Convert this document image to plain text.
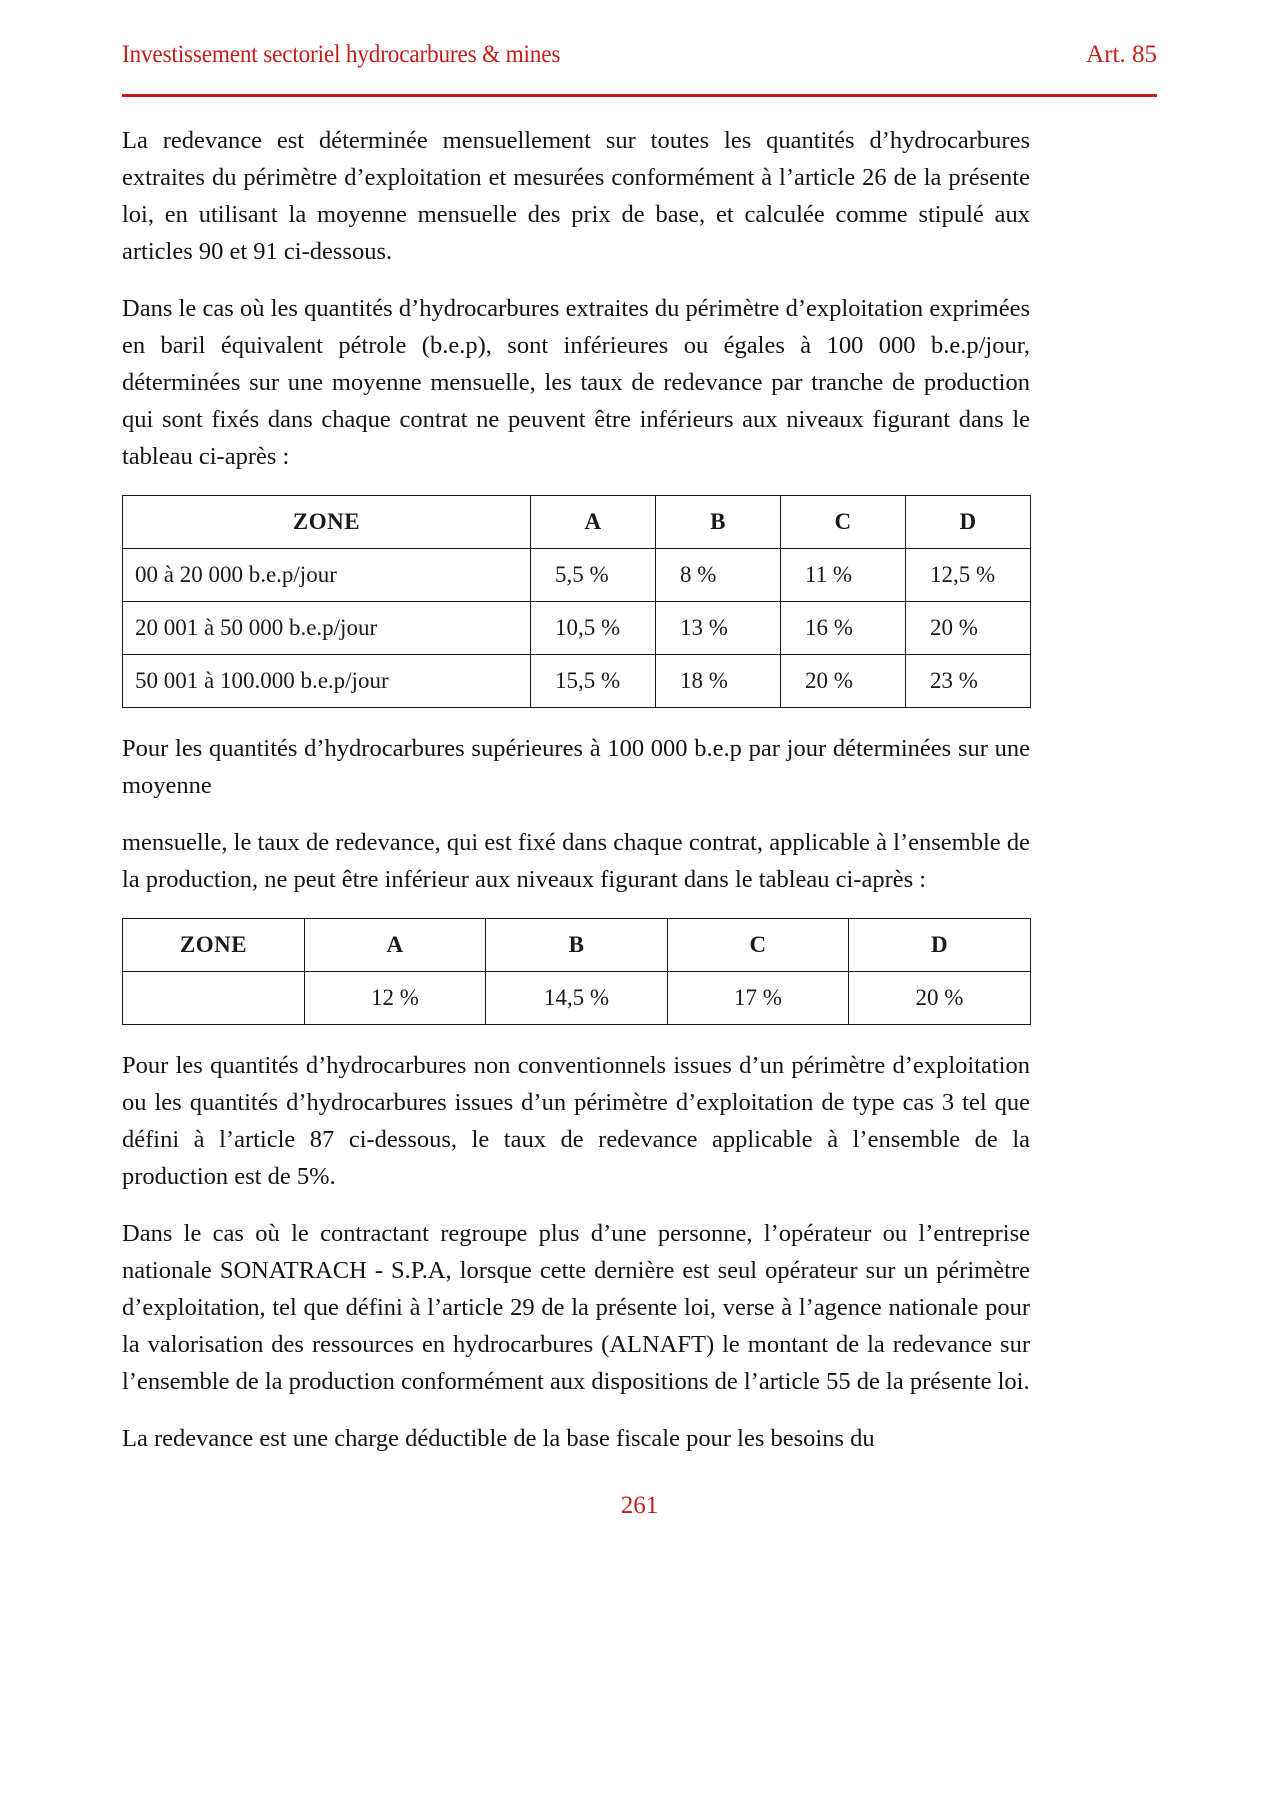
Investissement sectoriel hydrocarbures & mines	Art. 85

La redevance est déterminée mensuellement sur toutes les quantités d’hydrocarbures extraites du périmètre d’exploitation et mesurées conformément à l’article 26 de la présente loi, en utilisant la moyenne mensuelle des prix de base, et calculée comme stipulé aux articles 90 et 91 ci-dessous.

Dans le cas où les quantités d’hydrocarbures extraites du périmètre d’exploitation exprimées en baril équivalent pétrole (b.e.p), sont inférieures ou égales à 100 000 b.e.p/jour, déterminées sur une moyenne mensuelle, les taux de redevance par tranche de production qui sont fixés dans chaque contrat ne peuvent être inférieurs aux niveaux figurant dans le tableau ci-après :

ZONE	A	B	C	D
00 à 20 000 b.e.p/jour	5,5 %	8 %	11 %	12,5 %
20 001 à 50 000 b.e.p/jour	10,5 %	13 %	16 %	20 %
50 001 à 100.000 b.e.p/jour	15,5 %	18 %	20 %	23 %

Pour les quantités d’hydrocarbures supérieures à 100 000 b.e.p par jour déterminées sur une moyenne

mensuelle, le taux de redevance, qui est fixé dans chaque contrat, applicable à l’ensemble de la production, ne peut être inférieur aux niveaux figurant dans le tableau ci-après :

ZONE	A	B	C	D
	12 %	14,5 %	17 %	20 %

Pour les quantités d’hydrocarbures non conventionnels issues d’un périmètre d’exploitation ou les quantités d’hydrocarbures issues d’un périmètre d’exploitation de type cas 3 tel que défini à l’article 87 ci-dessous, le taux de redevance applicable à l’ensemble de la production est de 5%.

Dans le cas où le contractant regroupe plus d’une personne, l’opérateur ou l’entreprise nationale SONATRACH - S.P.A, lorsque cette dernière est seul opérateur sur un périmètre d’exploitation, tel que défini à l’article 29 de la présente loi, verse à l’agence nationale pour la valorisation des ressources en hydrocarbures (ALNAFT) le montant de la redevance sur l’ensemble de la production conformément aux dispositions de l’article 55 de la présente loi.

La redevance est une charge déductible de la base fiscale pour les besoins du

261
